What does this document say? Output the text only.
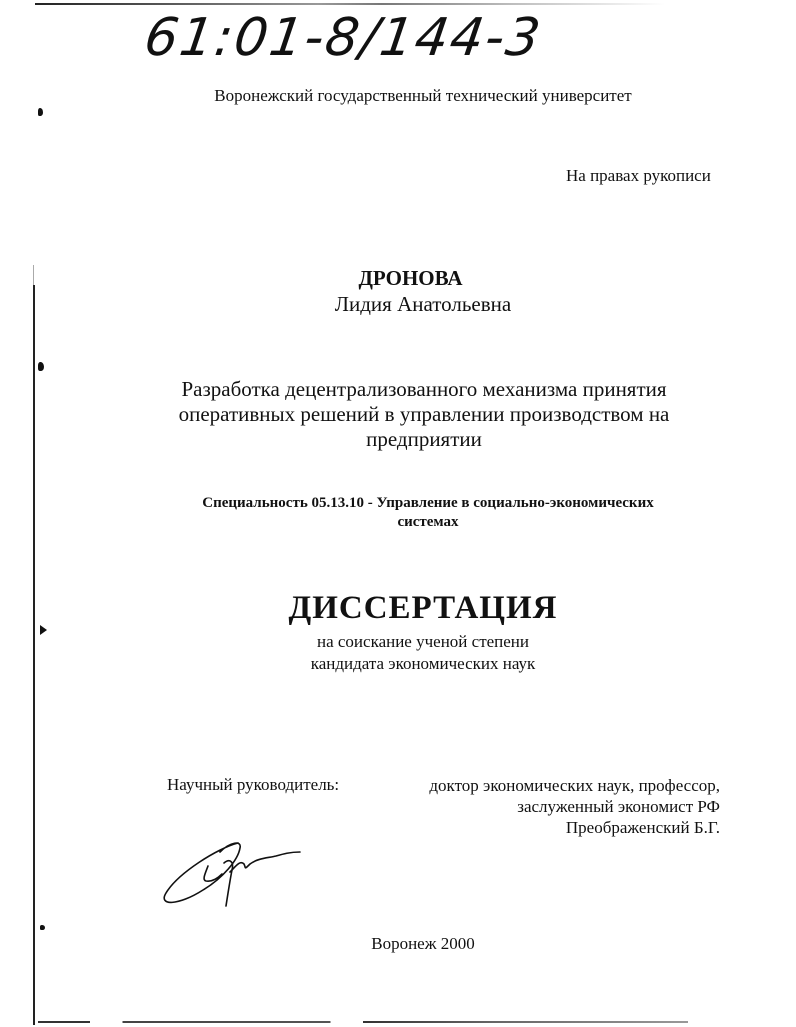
61:01-8/144-3
Воронежский государственный технический университет
На правах рукописи
ДРОНОВА
Лидия Анатольевна
Разработка децентрализованного механизма принятия
оперативных решений в управлении производством на
предприятии
Специальность 05.13.10 - Управление в социально-экономических
системах
ДИССЕРТАЦИЯ
на соискание ученой степени
кандидата экономических наук
Научный руководитель:	доктор экономических наук, профессор,
заслуженный экономист РФ
Преображенский Б.Г.
Воронеж 2000
